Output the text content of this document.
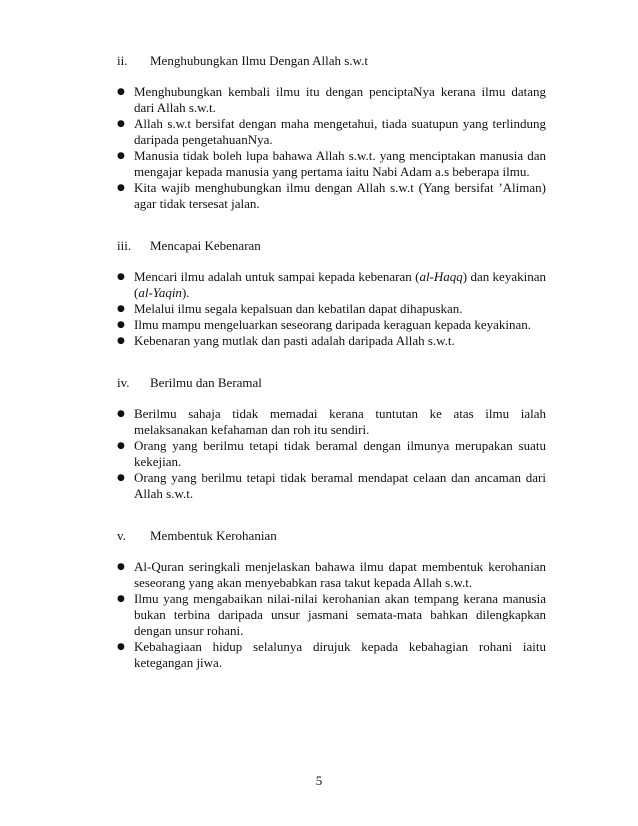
ii.	Menghubungkan Ilmu Dengan Allah s.w.t
● Menghubungkan kembali ilmu itu dengan penciptaNya kerana ilmu datang dari Allah s.w.t.
● Allah s.w.t bersifat dengan maha mengetahui, tiada suatupun yang terlindung daripada pengetahuanNya.
● Manusia tidak boleh lupa bahawa Allah s.w.t. yang menciptakan manusia dan mengajar kepada manusia yang pertama iaitu Nabi Adam a.s beberapa ilmu.
● Kita wajib menghubungkan ilmu dengan Allah s.w.t (Yang bersifat ’Aliman) agar tidak tersesat jalan.
iii.	Mencapai Kebenaran
● Mencari ilmu adalah untuk sampai kepada kebenaran (al-Haqq) dan keyakinan (al-Yaqin).
● Melalui ilmu segala kepalsuan dan kebatilan dapat dihapuskan.
● Ilmu mampu mengeluarkan seseorang daripada keraguan kepada keyakinan.
● Kebenaran yang mutlak dan pasti adalah daripada Allah s.w.t.
iv.	Berilmu dan Beramal
● Berilmu sahaja tidak memadai kerana tuntutan ke atas ilmu ialah melaksanakan kefahaman dan roh itu sendiri.
● Orang yang berilmu tetapi tidak beramal dengan ilmunya merupakan suatu kekejian.
● Orang yang berilmu tetapi tidak beramal mendapat celaan dan ancaman dari Allah s.w.t.
v.	Membentuk Kerohanian
● Al-Quran seringkali menjelaskan bahawa ilmu dapat membentuk kerohanian seseorang yang akan menyebabkan rasa takut kepada Allah s.w.t.
● Ilmu yang mengabaikan nilai-nilai kerohanian akan tempang kerana manusia bukan terbina daripada unsur jasmani semata-mata bahkan dilengkapkan dengan unsur rohani.
● Kebahagiaan hidup selalunya dirujuk kepada kebahagian rohani iaitu ketegangan jiwa.
5
